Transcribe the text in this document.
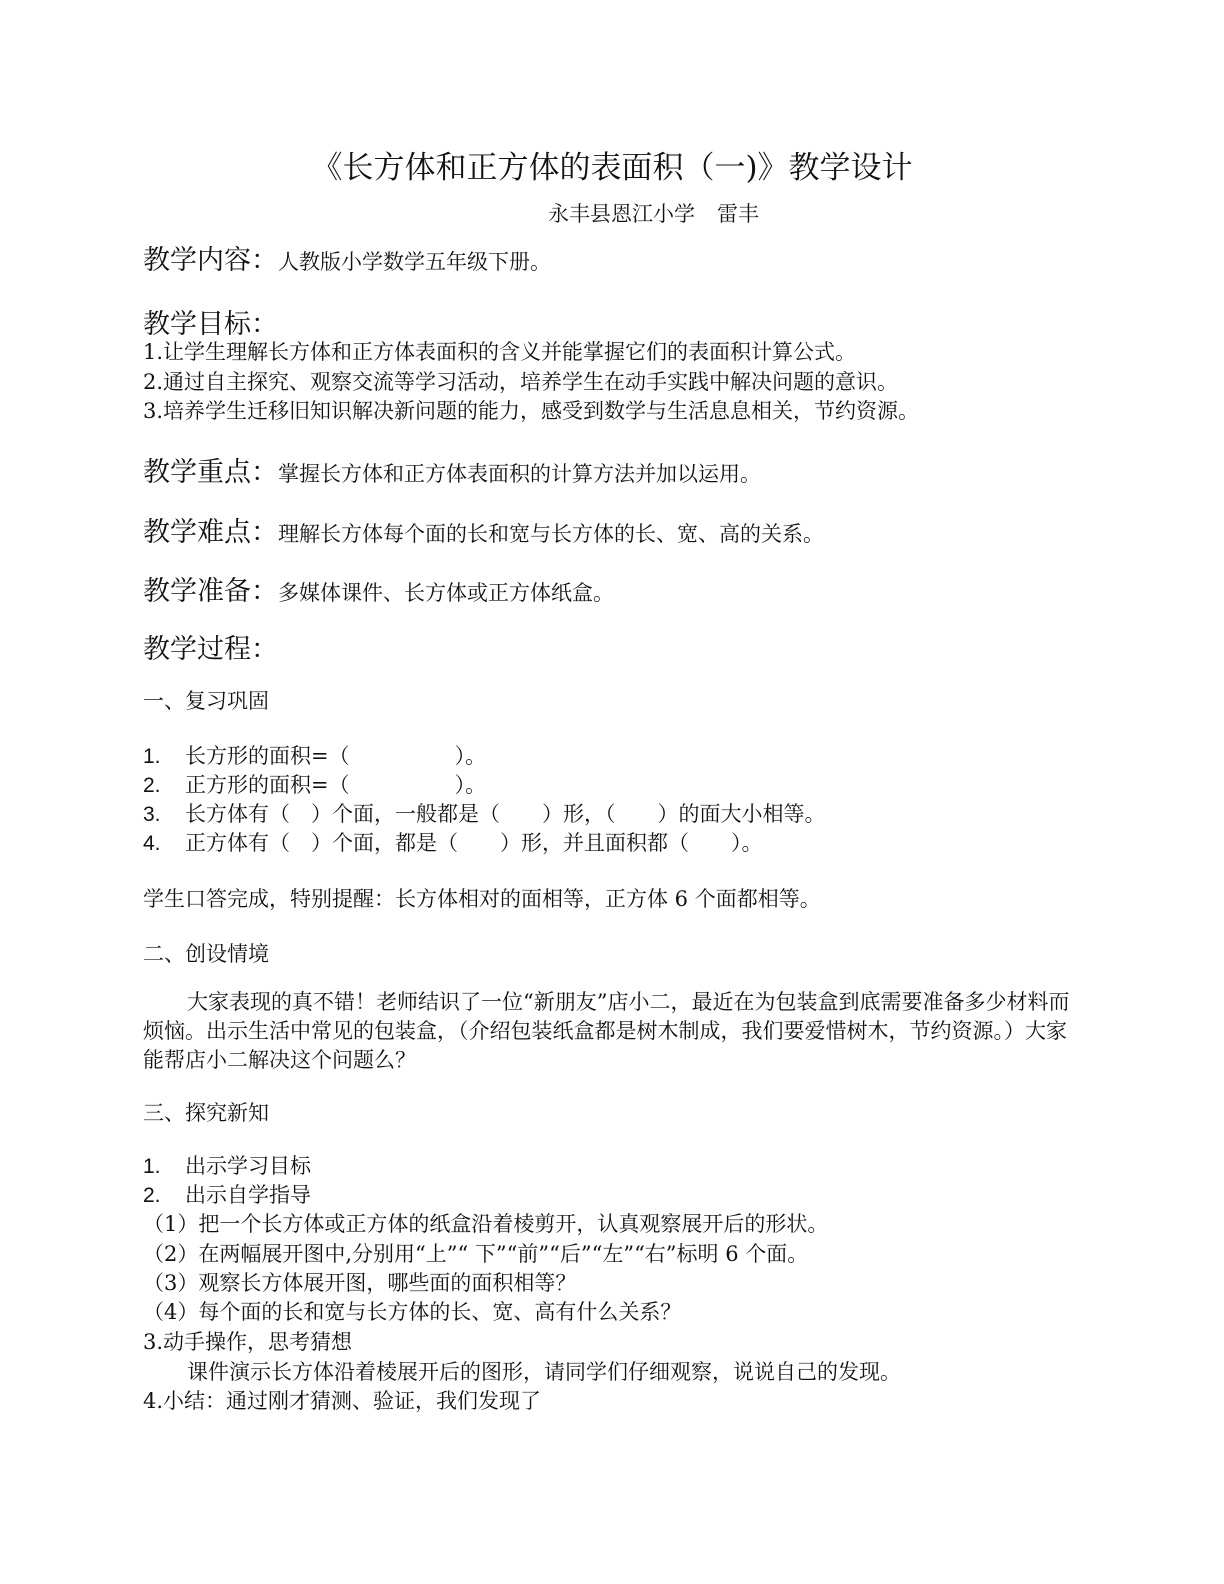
《长方体和正方体的表面积（一)》教学设计
永丰县恩江小学 雷丰
教学内容：人教版小学数学五年级下册。
教学目标：
1.让学生理解长方体和正方体表面积的含义并能掌握它们的表面积计算公式。
2.通过自主探究、观察交流等学习活动，培养学生在动手实践中解决问题的意识。
3.培养学生迁移旧知识解决新问题的能力，感受到数学与生活息息相关，节约资源。
教学重点：掌握长方体和正方体表面积的计算方法并加以运用。
教学难点：理解长方体每个面的长和宽与长方体的长、宽、高的关系。
教学准备：多媒体课件、长方体或正方体纸盒。
教学过程：
一、复习巩固
1. 长方形的面积=（　　　　　）。
2. 正方形的面积=（　　　　　）。
3. 长方体有（　）个面，一般都是（　　）形，（　　）的面大小相等。
4. 正方体有（　）个面，都是（　　）形，并且面积都（　　）。
学生口答完成，特别提醒：长方体相对的面相等，正方体 6 个面都相等。
二、创设情境
大家表现的真不错！老师结识了一位“新朋友”店小二，最近在为包装盒到底需要准备多少材料而烦恼。出示生活中常见的包装盒，（介绍包装纸盒都是树木制成，我们要爱惜树木，节约资源。）大家能帮店小二解决这个问题么？
三、探究新知
1. 出示学习目标
2. 出示自学指导
（1）把一个长方体或正方体的纸盒沿着棱剪开，认真观察展开后的形状。
（2）在两幅展开图中,分别用“上”“ 下”“前”“后”“左”“右”标明 6 个面。
（3）观察长方体展开图，哪些面的面积相等？
（4）每个面的长和宽与长方体的长、宽、高有什么关系？
3.动手操作，思考猜想
课件演示长方体沿着棱展开后的图形，请同学们仔细观察，说说自己的发现。
4.小结：通过刚才猜测、验证，我们发现了
